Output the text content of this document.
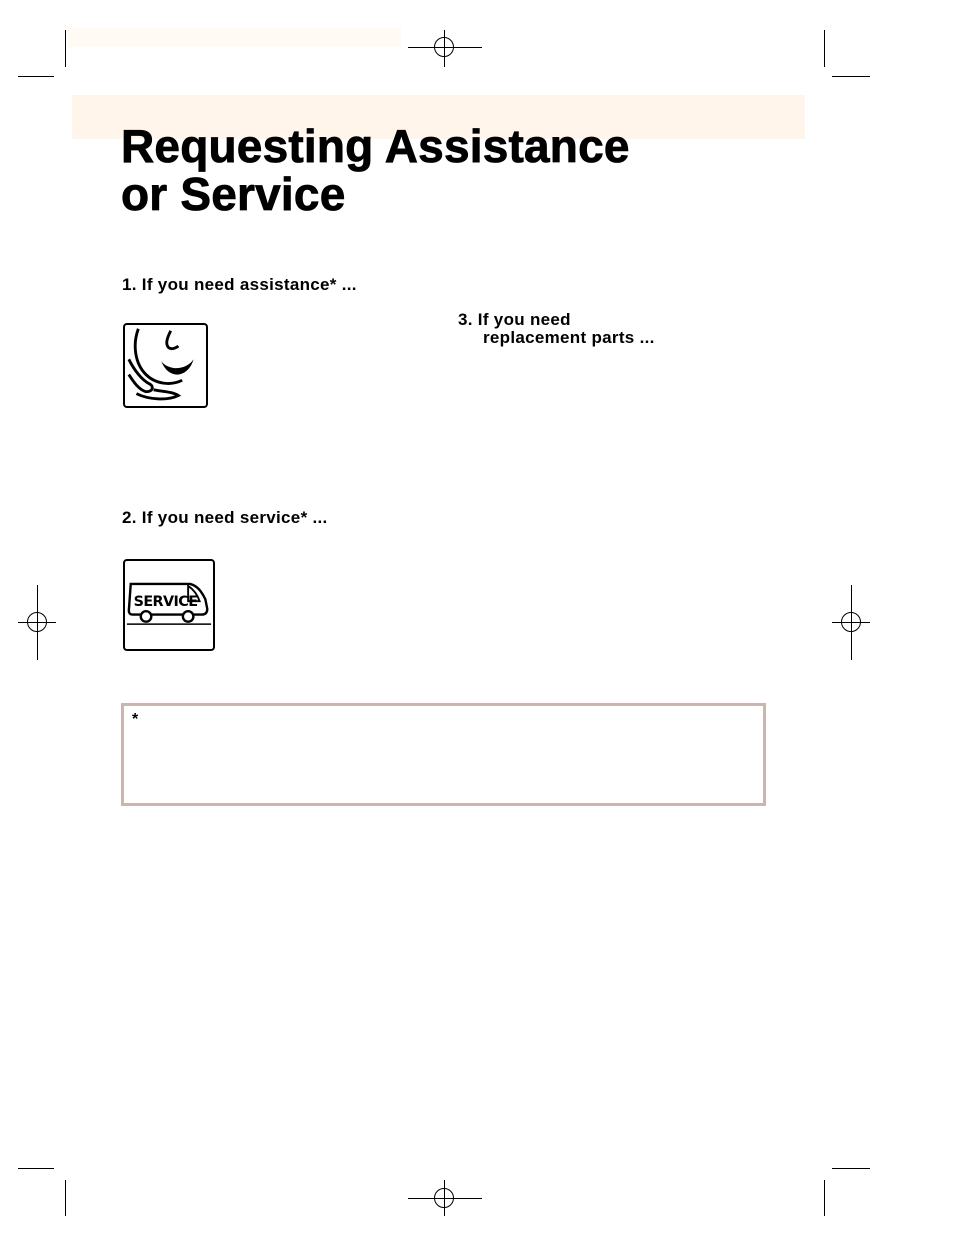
Requesting Assistance
or Service
1. If you need assistance* ...
2. If you need service* ...
SERVICE
3. If you need
replacement parts ...
*
